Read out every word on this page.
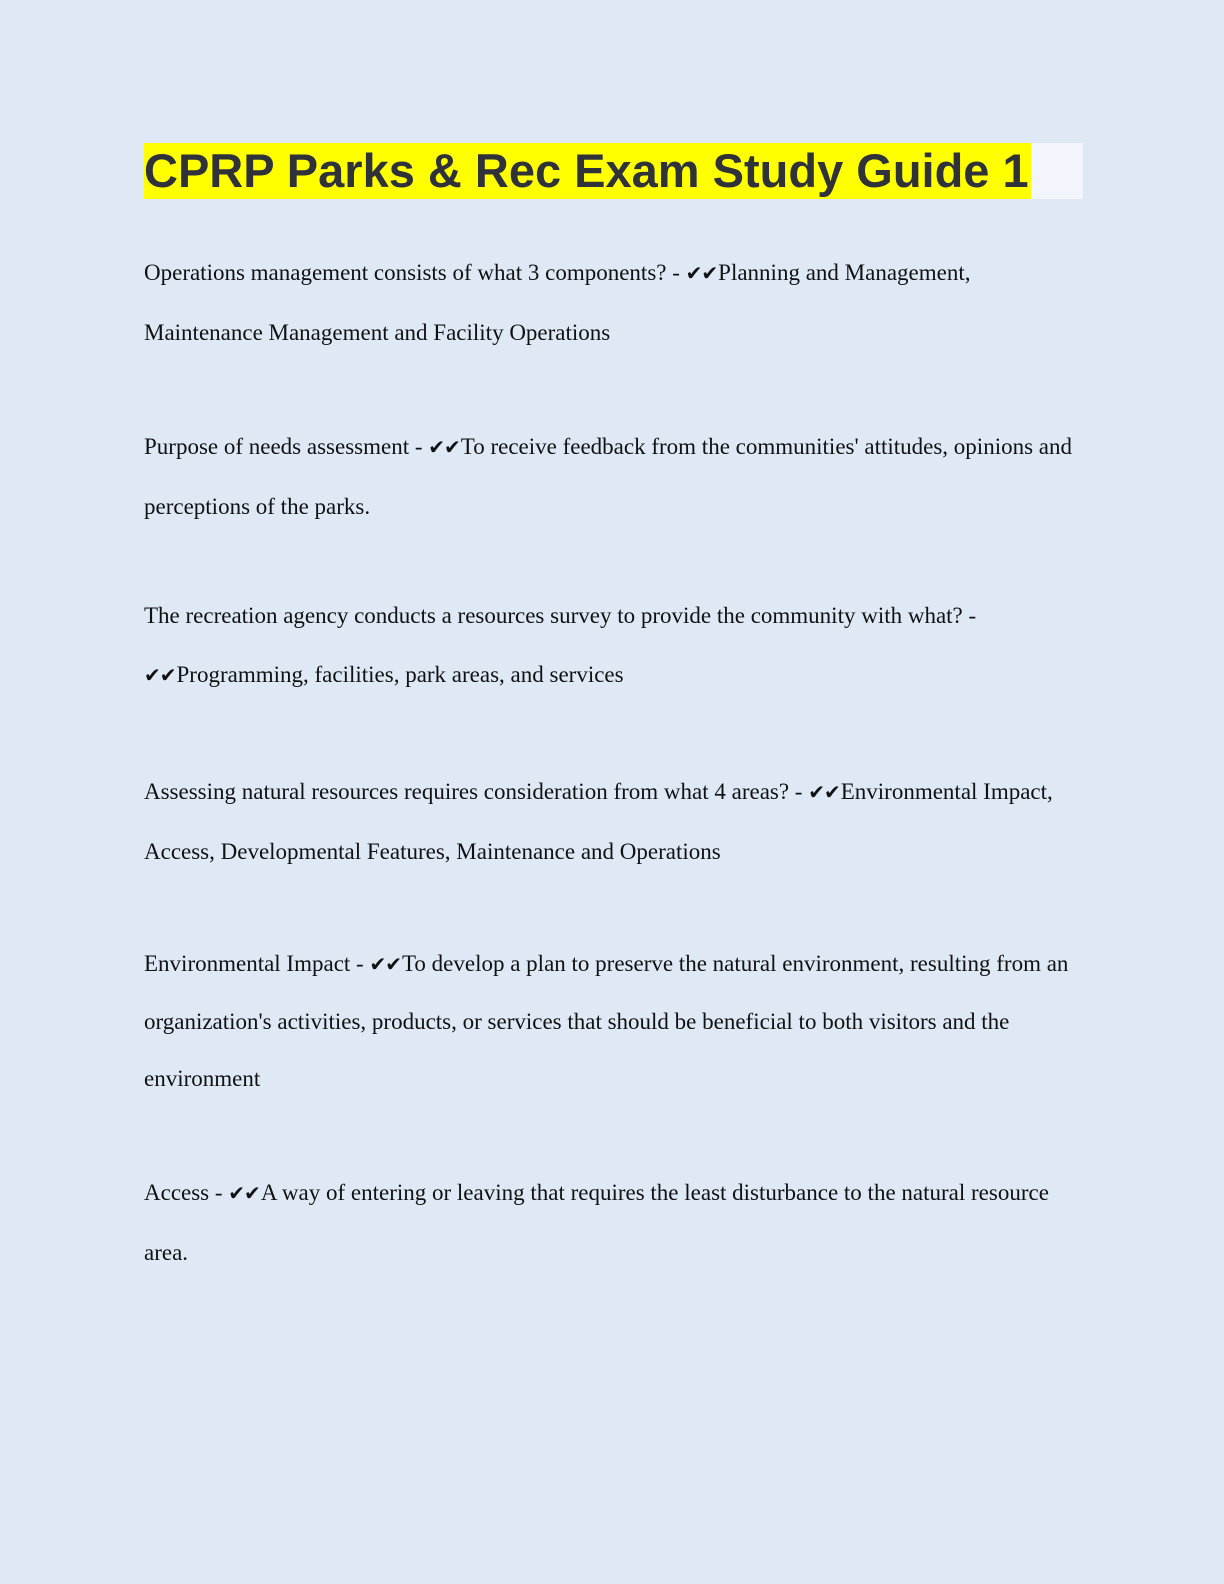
CPRP Parks & Rec Exam Study Guide 1

Operations management consists of what 3 components? - ✔✔Planning and Management, Maintenance Management and Facility Operations

Purpose of needs assessment - ✔✔To receive feedback from the communities' attitudes, opinions and perceptions of the parks.

The recreation agency conducts a resources survey to provide the community with what? -
✔✔Programming, facilities, park areas, and services

Assessing natural resources requires consideration from what 4 areas? - ✔✔Environmental Impact, Access, Developmental Features, Maintenance and Operations

Environmental Impact - ✔✔To develop a plan to preserve the natural environment, resulting from an organization's activities, products, or services that should be beneficial to both visitors and the environment

Access - ✔✔A way of entering or leaving that requires the least disturbance to the natural resource area.
